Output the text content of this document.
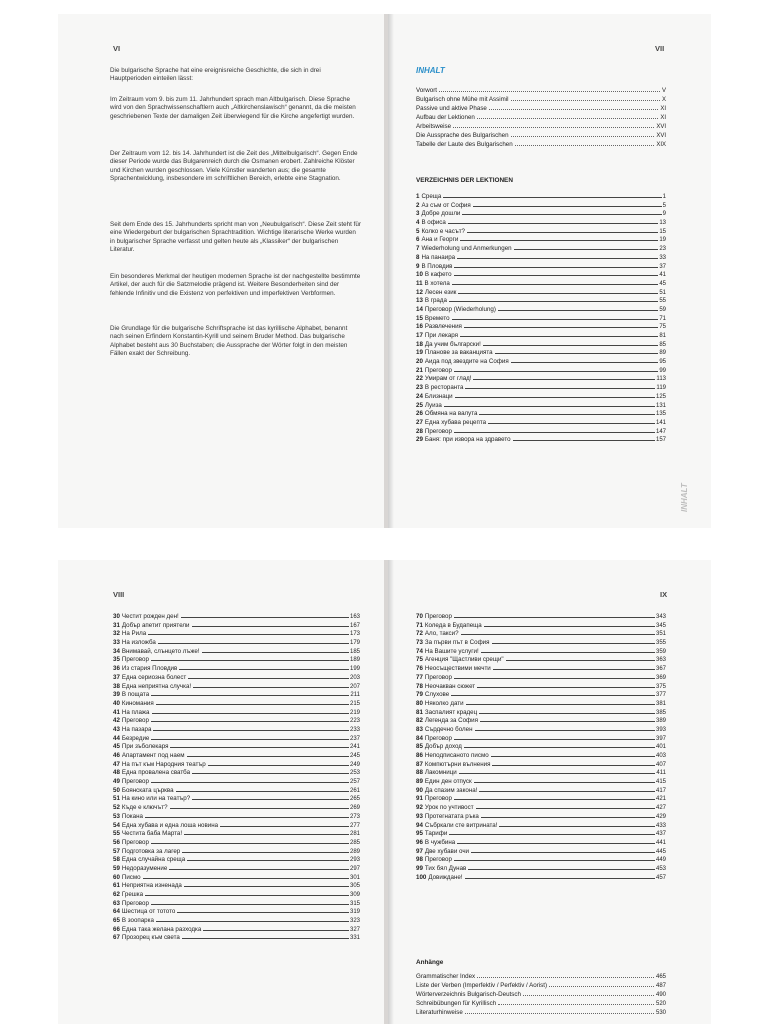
VI

Die bulgarische Sprache hat eine ereignisreiche Geschichte, die sich in drei Hauptperioden einteilen lässt:

Im Zeitraum vom 9. bis zum 11. Jahrhundert sprach man Altbulgarisch. Diese Sprache wird von den Sprachwissenschaftlern auch „Altkirchenslawisch“ genannt, da die meisten geschriebenen Texte der damaligen Zeit überwiegend für die Kirche angefertigt wurden.

Der Zeitraum vom 12. bis 14. Jahrhundert ist die Zeit des „Mittelbulgarisch“. Gegen Ende dieser Periode wurde das Bulgarenreich durch die Osmanen erobert. Zahlreiche Klöster und Kirchen wurden geschlossen. Viele Künstler wanderten aus; die gesamte Sprachentwicklung, insbesondere im schriftlichen Bereich, erlebte eine Stagnation.

Seit dem Ende des 15. Jahrhunderts spricht man von „Neubulgarisch“. Diese Zeit steht für eine Wiedergeburt der bulgarischen Sprachtradition. Wichtige literarische Werke wurden in bulgarischer Sprache verfasst und gelten heute als „Klassiker“ der bulgarischen Literatur.

Ein besonderes Merkmal der heutigen modernen Sprache ist der nachgestellte bestimmte Artikel, der auch für die Satzmelodie prägend ist. Weitere Besonderheiten sind der fehlende Infinitiv und die Existenz von perfektiven und imperfektiven Verbformen.

Die Grundlage für die bulgarische Schriftsprache ist das kyrillische Alphabet, benannt nach seinen Erfindern Konstantin-Kyrill und seinem Bruder Method. Das bulgarische Alphabet besteht aus 30 Buchstaben; die Aussprache der Wörter folgt in den meisten Fällen exakt der Schreibung.

VII
INHALT
Vorwort	V
Bulgarisch ohne Mühe mit Assimil	X
Passive und aktive Phase	XI
Aufbau der Lektionen	XI
Arbeitsweise	XVI
Die Aussprache des Bulgarischen	XVI
Tabelle der Laute des Bulgarischen	XIX
VERZEICHNIS DER LEKTIONEN
1 Среща	1
2 Аз съм от София	5
3 Добре дошли	9
4 В офиса	13
5 Колко е часът?	15
6 Ана и Георги	19
7 Wiederholung und Anmerkungen	23
8 На панаира	33
9 В Пловдив	37
10 В кафето	41
11 В хотела	45
12 Лесен език	51
13 В града	55
14 Преговор (Wiederholung)	59
15 Времето	71
16 Развлечения	75
17 При лекаря	81
18 Да учим български!	85
19 Планове за ваканцията	89
20 Аида под звездите на София	95
21 Преговор	99
22 Умирам от глад!	113
23 В ресторанта	119
24 Близнаци	125
25 Луиза	131
26 Обмяна на валута	135
27 Една хубава рецепта	141
28 Преговор	147
29 Баня: при извора на здравето	157
INHALT
VIII
30 Честит рожден ден!	163
31 Добър апетит приятели	167
32 На Рила	173
33 На изложба	179
34 Внимавай, слънцето лъже!	185
35 Преговор	189
36 Из стария Пловдив	199
37 Една сериозна болест	203
38 Една неприятна случка!	207
39 В пощата	211
40 Киномания	215
41 На плажа	219
42 Преговор	223
43 На пазара	233
44 Безредие	237
45 При зъболекаря	241
46 Апартамент под наем	245
47 На път към Народния театър	249
48 Една провалена сватба	253
49 Преговор	257
50 Боянската църква	261
51 На кино или на театър?	265
52 Къде е ключът?	269
53 Покана	273
54 Една хубава и една лоша новина	277
55 Честита баба Марта!	281
56 Преговор	285
57 Подготовка за лагер	289
58 Една случайна среща	293
59 Недоразумение	297
60 Писмо	301
61 Неприятна изненада	305
62 Грешка	309
63 Преговор	315
64 Шестица от тотото	319
65 В зоопарка	323
66 Една така желана разходка	327
67 Прозорец към света	331
IX
70 Преговор	343
71 Коледа в Будапеща	345
72 Ало, такси?	351
73 За първи път в София	355
74 На Вашите услуги!	359
75 Агенция "Щастливи срещи"	363
76 Неосъществими мечти	367
77 Преговор	369
78 Неочакван сюжет	375
79 Слухове	377
80 Няколко дати	381
81 Заспалият крадец	385
82 Легенда за София	389
83 Сърдечно болен	393
84 Преговор	397
85 Добър доход	401
86 Неподписаното писмо	403
87 Компютърни вълнения	407
88 Лакомници	411
89 Един ден отпуск	415
90 Да спазим закона!	417
91 Преговор	421
92 Урок по учтивост	427
93 Протегнатата ръка	429
94 Събркали сте витрината!	433
95 Тарифи	437
96 В чужбина	441
97 Две хубави очи	445
98 Преговор	449
99 Тих бял Дунав	453
100 Довиждане!	457
Anhänge
Grammatischer Index	465
Liste der Verben (Imperfektiv / Perfektiv / Aorist)	487
Wörterverzeichnis Bulgarisch-Deutsch	490
Schreibübungen für Kyrillisch	520
Literaturhinweise	530
